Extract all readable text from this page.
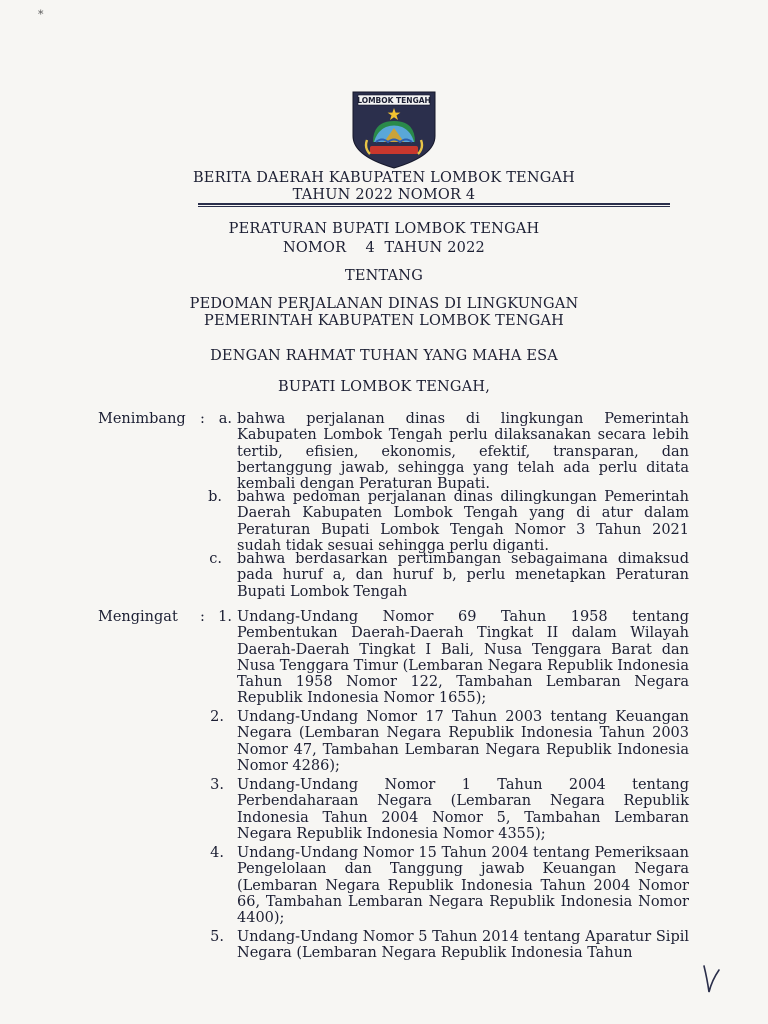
*
LOMBOK TENGAH
BERITA DAERAH KABUPATEN LOMBOK TENGAH
TAHUN 2022 NOMOR 4
PERATURAN BUPATI LOMBOK TENGAH
NOMOR    4  TAHUN 2022
TENTANG
PEDOMAN PERJALANAN DINAS DI LINGKUNGAN
PEMERINTAH KABUPATEN LOMBOK TENGAH
DENGAN RAHMAT TUHAN YANG MAHA ESA
BUPATI LOMBOK TENGAH,
Menimbang : a. bahwa perjalanan dinas di lingkungan Pemerintah Kabupaten Lombok Tengah perlu dilaksanakan secara lebih tertib, efisien, ekonomis, efektif, transparan, dan bertanggung jawab, sehingga yang telah ada perlu ditata kembali dengan Peraturan Bupati.
b. bahwa pedoman perjalanan dinas dilingkungan Pemerintah Daerah Kabupaten Lombok Tengah yang di atur dalam Peraturan Bupati Lombok Tengah Nomor 3 Tahun 2021 sudah tidak sesuai sehingga perlu diganti.
c. bahwa berdasarkan pertimbangan sebagaimana dimaksud pada huruf a, dan huruf b, perlu menetapkan Peraturan Bupati Lombok Tengah
Mengingat : 1. Undang-Undang Nomor 69 Tahun 1958 tentang Pembentukan Daerah-Daerah Tingkat II dalam Wilayah Daerah-Daerah Tingkat I Bali, Nusa Tenggara Barat dan Nusa Tenggara Timur (Lembaran Negara Republik Indonesia Tahun 1958 Nomor 122, Tambahan Lembaran Negara Republik Indonesia Nomor 1655);
2. Undang-Undang Nomor 17 Tahun 2003 tentang Keuangan Negara (Lembaran Negara Republik Indonesia Tahun 2003 Nomor 47, Tambahan Lembaran Negara Republik Indonesia Nomor 4286);
3. Undang-Undang Nomor 1 Tahun 2004 tentang Perbendaharaan Negara (Lembaran Negara Republik Indonesia Tahun 2004 Nomor 5, Tambahan Lembaran Negara Republik Indonesia Nomor 4355);
4. Undang-Undang Nomor 15 Tahun 2004 tentang Pemeriksaan Pengelolaan dan Tanggung jawab Keuangan Negara (Lembaran Negara Republik Indonesia Tahun 2004 Nomor 66, Tambahan Lembaran Negara Republik Indonesia Nomor 4400);
5. Undang-Undang Nomor 5 Tahun 2014 tentang Aparatur Sipil Negara (Lembaran Negara Republik Indonesia Tahun
